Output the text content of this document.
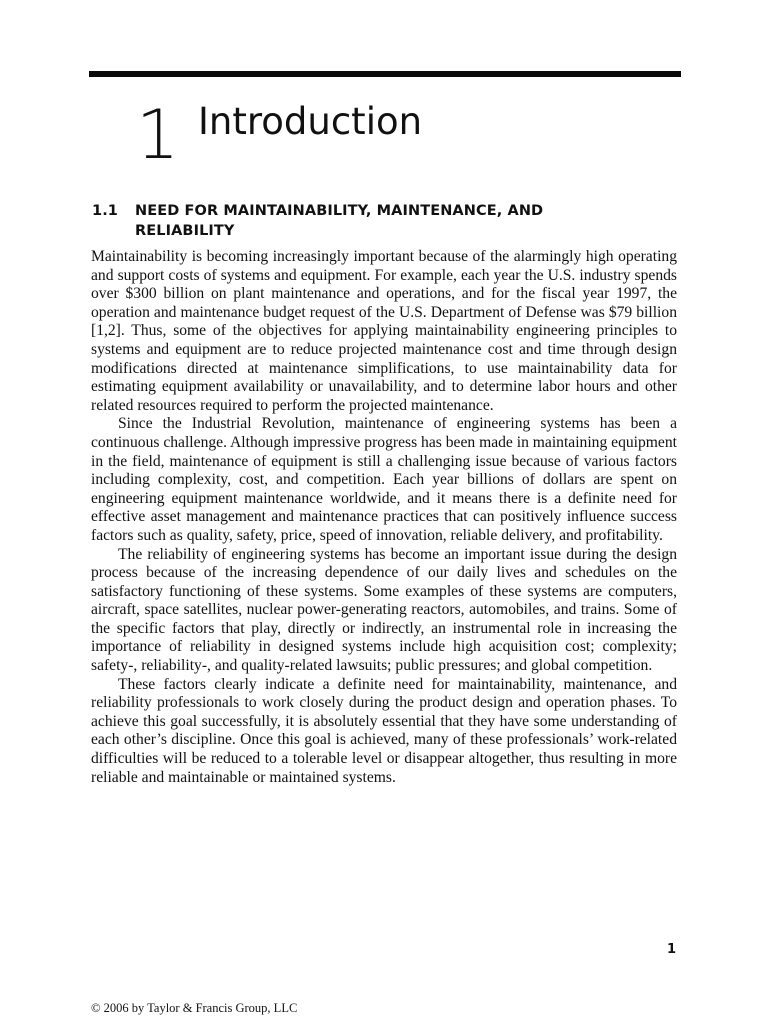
1 Introduction
1.1 NEED FOR MAINTAINABILITY, MAINTENANCE, AND RELIABILITY

Maintainability is becoming increasingly important because of the alarmingly high operating and support costs of systems and equipment. For example, each year the U.S. industry spends over $300 billion on plant maintenance and operations, and for the fiscal year 1997, the operation and maintenance budget request of the U.S. Department of Defense was $79 billion [1,2]. Thus, some of the objectives for applying maintainability engineering principles to systems and equipment are to reduce projected maintenance cost and time through design modifications directed at maintenance simplifications, to use maintainability data for estimating equipment availability or unavailability, and to determine labor hours and other related resources required to perform the projected maintenance.

Since the Industrial Revolution, maintenance of engineering systems has been a continuous challenge. Although impressive progress has been made in maintaining equipment in the field, maintenance of equipment is still a challenging issue because of various factors including complexity, cost, and competition. Each year billions of dollars are spent on engineering equipment maintenance worldwide, and it means there is a definite need for effective asset management and maintenance practices that can positively influence success factors such as quality, safety, price, speed of innovation, reliable delivery, and profitability.

The reliability of engineering systems has become an important issue during the design process because of the increasing dependence of our daily lives and schedules on the satisfactory functioning of these systems. Some examples of these systems are computers, aircraft, space satellites, nuclear power-generating reactors, automobiles, and trains. Some of the specific factors that play, directly or indirectly, an instrumental role in increasing the importance of reliability in designed systems include high acquisition cost; complexity; safety-, reliability-, and quality-related lawsuits; public pressures; and global competition.

These factors clearly indicate a definite need for maintainability, maintenance, and reliability professionals to work closely during the product design and operation phases. To achieve this goal successfully, it is absolutely essential that they have some understanding of each other’s discipline. Once this goal is achieved, many of these professionals’ work-related difficulties will be reduced to a tolerable level or disappear altogether, thus resulting in more reliable and maintainable or maintained systems.

1
© 2006 by Taylor & Francis Group, LLC
